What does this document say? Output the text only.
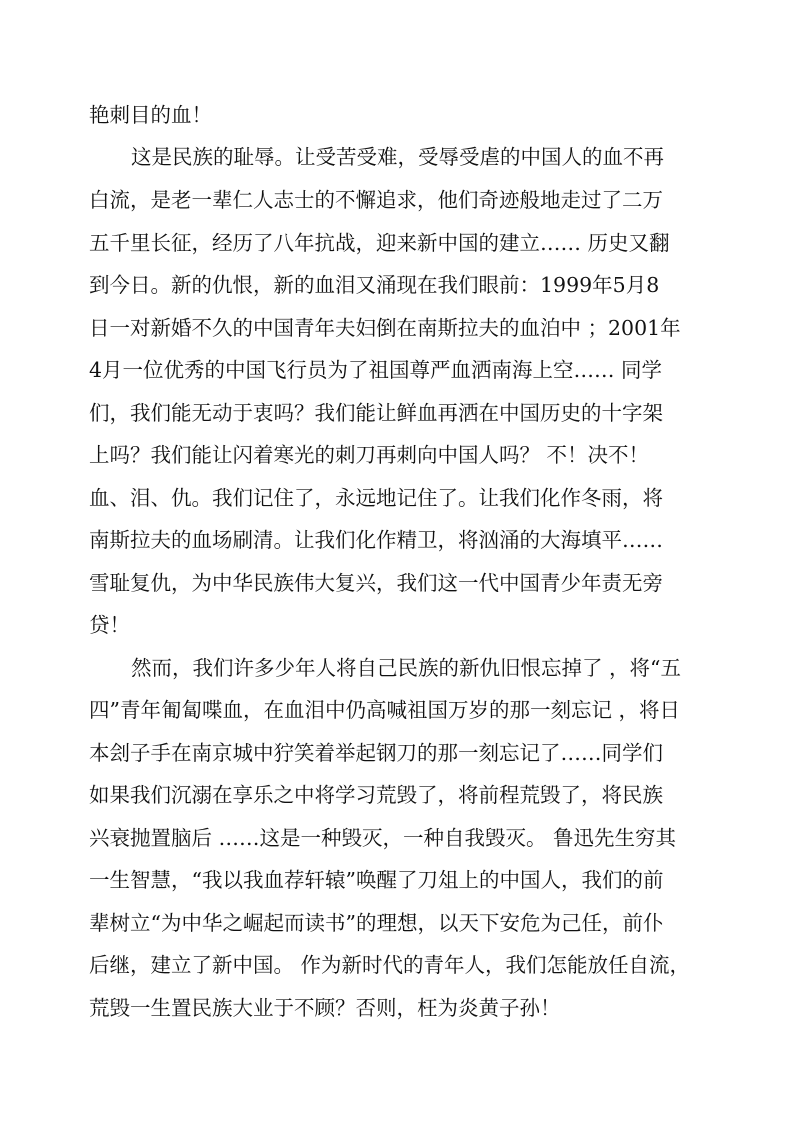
艳刺目的血！
这是民族的耻辱。让受苦受难，受辱受虐的中国人的血不再
白流，是老一辈仁人志士的不懈追求，他们奇迹般地走过了二万
五千里长征，经历了八年抗战，迎来新中国的建立…… 历史又翻
到今日。新的仇恨，新的血泪又涌现在我们眼前：1999年5月8
日一对新婚不久的中国青年夫妇倒在南斯拉夫的血泊中 ；2001年
4月一位优秀的中国飞行员为了祖国尊严血洒南海上空…… 同学
们，我们能无动于衷吗？我们能让鲜血再洒在中国历史的十字架
上吗？我们能让闪着寒光的刺刀再刺向中国人吗？ 不！决不！
血、泪、仇。我们记住了，永远地记住了。让我们化作冬雨，将
南斯拉夫的血场刷清。让我们化作精卫，将汹涌的大海填平……
雪耻复仇，为中华民族伟大复兴，我们这一代中国青少年责无旁
贷！
然而，我们许多少年人将自己民族的新仇旧恨忘掉了 ，将“五
四”青年匍匐喋血，在血泪中仍高喊祖国万岁的那一刻忘记 ，将日
本刽子手在南京城中狞笑着举起钢刀的那一刻忘记了……同学们
如果我们沉溺在享乐之中将学习荒毁了，将前程荒毁了，将民族
兴衰抛置脑后 ……这是一种毁灭，一种自我毁灭。 鲁迅先生穷其
一生智慧，“我以我血荐轩辕”唤醒了刀俎上的中国人，我们的前
辈树立“为中华之崛起而读书”的理想，以天下安危为己任，前仆
后继，建立了新中国。 作为新时代的青年人，我们怎能放任自流，
荒毁一生置民族大业于不顾？否则，枉为炎黄子孙！
